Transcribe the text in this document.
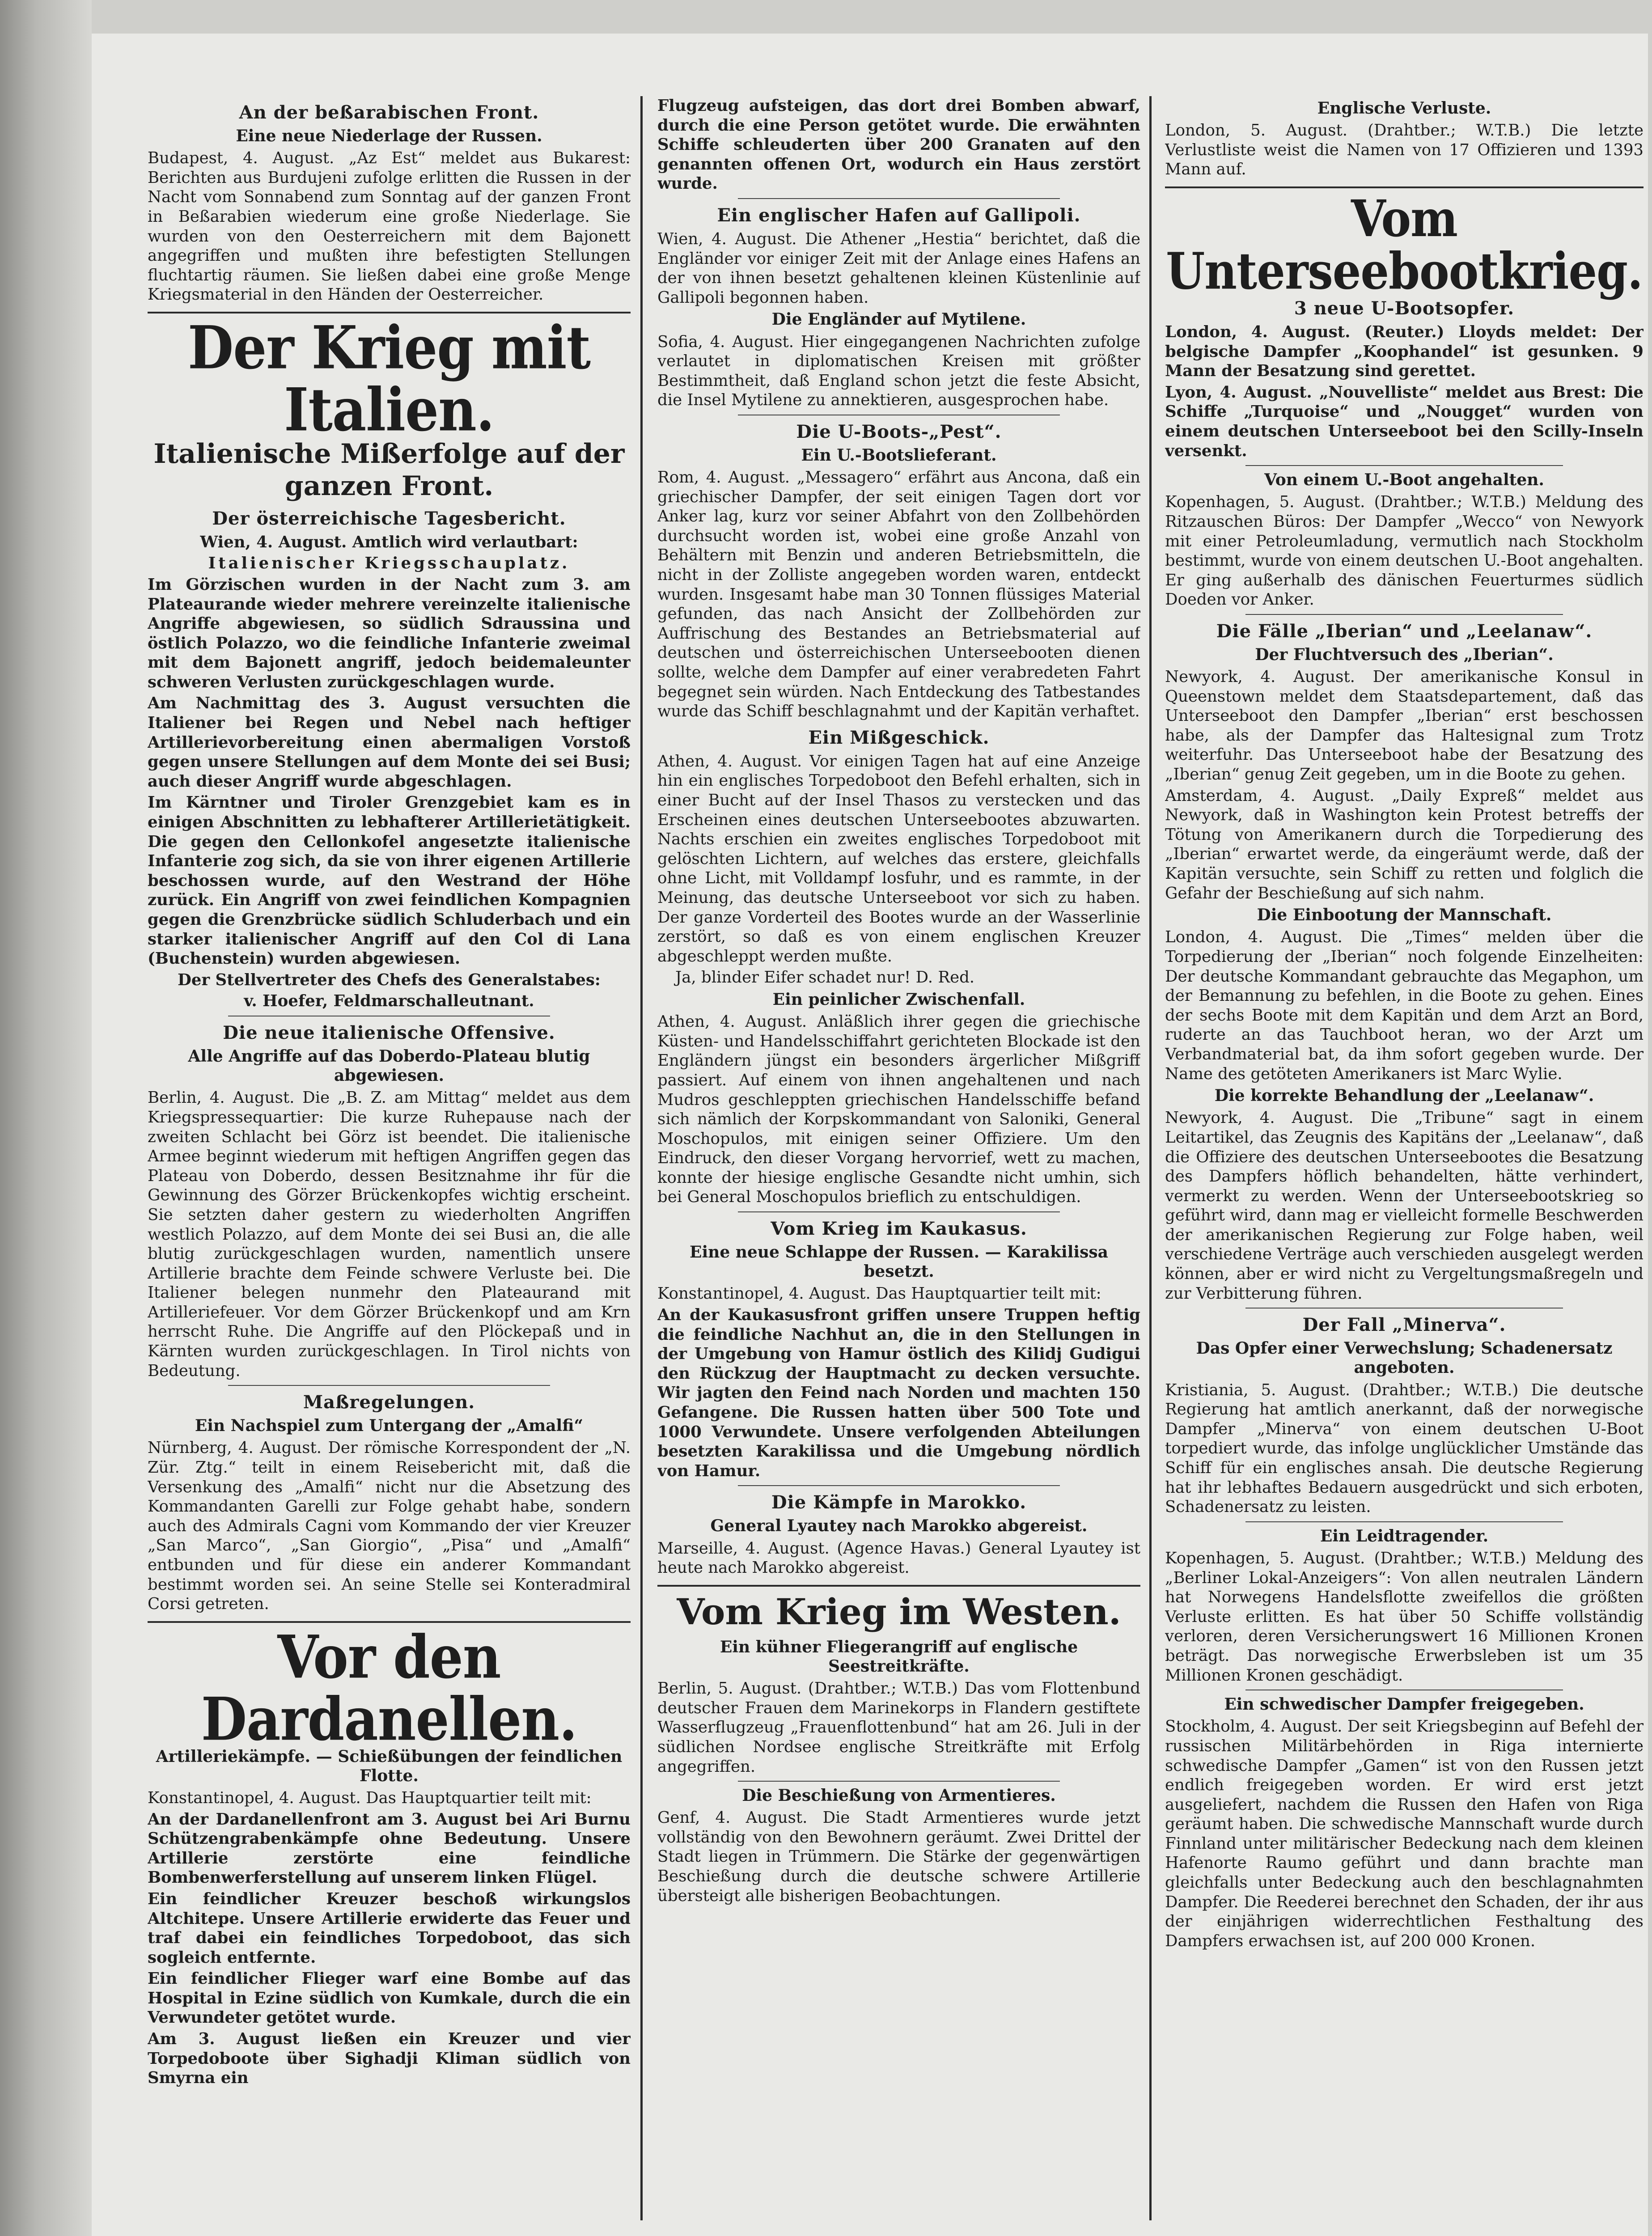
An der beßarabischen Front.
Eine neue Niederlage der Russen.

Budapest, 4. August. „Az Est“ meldet aus Bukarest: Berichten aus Burdujeni zufolge erlitten die Russen in der Nacht vom Sonnabend zum Sonntag auf der ganzen Front in Beßarabien wiederum eine große Niederlage. Sie wurden von den Oesterreichern mit dem Bajonett angegriffen und mußten ihre befestigten Stellungen fluchtartig räumen. Sie ließen dabei eine große Menge Kriegsmaterial in den Händen der Oesterreicher.

Der Krieg mit Italien.
Italienische Mißerfolge auf der ganzen Front.
Der österreichische Tagesbericht.

Wien, 4. August. Amtlich wird verlautbart:

Italienischer Kriegsschauplatz.

Im Görzischen wurden in der Nacht zum 3. am Plateaurande wieder mehrere vereinzelte italienische Angriffe abgewiesen, so südlich Sdraussina und östlich Polazzo, wo die feindliche Infanterie zweimal mit dem Bajonett angriff, jedoch beidemaleunter schweren Verlusten zurückgeschlagen wurde.

Am Nachmittag des 3. August versuchten die Italiener bei Regen und Nebel nach heftiger Artillerievorbereitung einen abermaligen Vorstoß gegen unsere Stellungen auf dem Monte dei sei Busi; auch dieser Angriff wurde abgeschlagen.

Im Kärntner und Tiroler Grenzgebiet kam es in einigen Abschnitten zu lebhafterer Artillerietätigkeit. Die gegen den Cellonkofel angesetzte italienische Infanterie zog sich, da sie von ihrer eigenen Artillerie beschossen wurde, auf den Westrand der Höhe zurück. Ein Angriff von zwei feindlichen Kompagnien gegen die Grenzbrücke südlich Schluderbach und ein starker italienischer Angriff auf den Col di Lana (Buchenstein) wurden abgewiesen.

Der Stellvertreter des Chefs des Generalstabes:

v. Hoefer, Feldmarschalleutnant.

Die neue italienische Offensive.
Alle Angriffe auf das Doberdo-Plateau blutig abgewiesen.

Berlin, 4. August. Die „B. Z. am Mittag“ meldet aus dem Kriegspressequartier: Die kurze Ruhepause nach der zweiten Schlacht bei Görz ist beendet. Die italienische Armee beginnt wiederum mit heftigen Angriffen gegen das Plateau von Doberdo, dessen Besitznahme ihr für die Gewinnung des Görzer Brückenkopfes wichtig erscheint. Sie setzten daher gestern zu wiederholten Angriffen westlich Polazzo, auf dem Monte dei sei Busi an, die alle blutig zurückgeschlagen wurden, namentlich unsere Artillerie brachte dem Feinde schwere Verluste bei. Die Italiener belegen nunmehr den Plateaurand mit Artilleriefeuer. Vor dem Görzer Brückenkopf und am Krn herrscht Ruhe. Die Angriffe auf den Plöckepaß und in Kärnten wurden zurückgeschlagen. In Tirol nichts von Bedeutung.

Maßregelungen.
Ein Nachspiel zum Untergang der „Amalfi“

Nürnberg, 4. August. Der römische Korrespondent der „N. Zür. Ztg.“ teilt in einem Reisebericht mit, daß die Versenkung des „Amalfi“ nicht nur die Absetzung des Kommandanten Garelli zur Folge gehabt habe, sondern auch des Admirals Cagni vom Kommando der vier Kreuzer „San Marco“, „San Giorgio“, „Pisa“ und „Amalfi“ entbunden und für diese ein anderer Kommandant bestimmt worden sei. An seine Stelle sei Konteradmiral Corsi getreten.

Vor den Dardanellen.
Artilleriekämpfe. — Schießübungen der feindlichen Flotte.

Konstantinopel, 4. August. Das Hauptquartier teilt mit:

An der Dardanellenfront am 3. August bei Ari Burnu Schützengrabenkämpfe ohne Bedeutung. Unsere Artillerie zerstörte eine feindliche Bombenwerferstellung auf unserem linken Flügel.

Ein feindlicher Kreuzer beschoß wirkungslos Altchitepe. Unsere Artillerie erwiderte das Feuer und traf dabei ein feindliches Torpedoboot, das sich sogleich entfernte.

Ein feindlicher Flieger warf eine Bombe auf das Hospital in Ezine südlich von Kumkale, durch die ein Verwundeter getötet wurde.

Am 3. August ließen ein Kreuzer und vier Torpedoboote über Sighadji Kliman südlich von Smyrna ein

Flugzeug aufsteigen, das dort drei Bomben abwarf, durch die eine Person getötet wurde. Die erwähnten Schiffe schleuderten über 200 Granaten auf den genannten offenen Ort, wodurch ein Haus zerstört wurde.

Ein englischer Hafen auf Gallipoli.

Wien, 4. August. Die Athener „Hestia“ berichtet, daß die Engländer vor einiger Zeit mit der Anlage eines Hafens an der von ihnen besetzt gehaltenen kleinen Küstenlinie auf Gallipoli begonnen haben.

Die Engländer auf Mytilene.

Sofia, 4. August. Hier eingegangenen Nachrichten zufolge verlautet in diplomatischen Kreisen mit größter Bestimmtheit, daß England schon jetzt die feste Absicht, die Insel Mytilene zu annektieren, ausgesprochen habe.

Die U-Boots-„Pest“.
Ein U.-Bootslieferant.

Rom, 4. August. „Messagero“ erfährt aus Ancona, daß ein griechischer Dampfer, der seit einigen Tagen dort vor Anker lag, kurz vor seiner Abfahrt von den Zollbehörden durchsucht worden ist, wobei eine große Anzahl von Behältern mit Benzin und anderen Betriebsmitteln, die nicht in der Zolliste angegeben worden waren, entdeckt wurden. Insgesamt habe man 30 Tonnen flüssiges Material gefunden, das nach Ansicht der Zollbehörden zur Auffrischung des Bestandes an Betriebsmaterial auf deutschen und österreichischen Unterseebooten dienen sollte, welche dem Dampfer auf einer verabredeten Fahrt begegnet sein würden. Nach Entdeckung des Tatbestandes wurde das Schiff beschlagnahmt und der Kapitän verhaftet.

Ein Mißgeschick.

Athen, 4. August. Vor einigen Tagen hat auf eine Anzeige hin ein englisches Torpedoboot den Befehl erhalten, sich in einer Bucht auf der Insel Thasos zu verstecken und das Erscheinen eines deutschen Unterseebootes abzuwarten. Nachts erschien ein zweites englisches Torpedoboot mit gelöschten Lichtern, auf welches das erstere, gleichfalls ohne Licht, mit Volldampf losfuhr, und es rammte, in der Meinung, das deutsche Unterseeboot vor sich zu haben. Der ganze Vorderteil des Bootes wurde an der Wasserlinie zerstört, so daß es von einem englischen Kreuzer abgeschleppt werden mußte.

Ja, blinder Eifer schadet nur! D. Red.

Ein peinlicher Zwischenfall.

Athen, 4. August. Anläßlich ihrer gegen die griechische Küsten- und Handelsschiffahrt gerichteten Blockade ist den Engländern jüngst ein besonders ärgerlicher Mißgriff passiert. Auf einem von ihnen angehaltenen und nach Mudros geschleppten griechischen Handelsschiffe befand sich nämlich der Korpskommandant von Saloniki, General Moschopulos, mit einigen seiner Offiziere. Um den Eindruck, den dieser Vorgang hervorrief, wett zu machen, konnte der hiesige englische Gesandte nicht umhin, sich bei General Moschopulos brieflich zu entschuldigen.

Vom Krieg im Kaukasus.
Eine neue Schlappe der Russen. — Karakilissa besetzt.

Konstantinopel, 4. August. Das Hauptquartier teilt mit:

An der Kaukasusfront griffen unsere Truppen heftig die feindliche Nachhut an, die in den Stellungen in der Umgebung von Hamur östlich des Kilidj Gudigui den Rückzug der Hauptmacht zu decken versuchte. Wir jagten den Feind nach Norden und machten 150 Gefangene. Die Russen hatten über 500 Tote und 1000 Verwundete. Unsere verfolgenden Abteilungen besetzten Karakilissa und die Umgebung nördlich von Hamur.

Die Kämpfe in Marokko.
General Lyautey nach Marokko abgereist.

Marseille, 4. August. (Agence Havas.) General Lyautey ist heute nach Marokko abgereist.

Vom Krieg im Westen.
Ein kühner Fliegerangriff auf englische Seestreitkräfte.

Berlin, 5. August. (Drahtber.; W.T.B.) Das vom Flottenbund deutscher Frauen dem Marinekorps in Flandern gestiftete Wasserflugzeug „Frauenflottenbund“ hat am 26. Juli in der südlichen Nordsee englische Streitkräfte mit Erfolg angegriffen.

Die Beschießung von Armentieres.

Genf, 4. August. Die Stadt Armentieres wurde jetzt vollständig von den Bewohnern geräumt. Zwei Drittel der Stadt liegen in Trümmern. Die Stärke der gegenwärtigen Beschießung durch die deutsche schwere Artillerie übersteigt alle bisherigen Beobachtungen.

Englische Verluste.

London, 5. August. (Drahtber.; W.T.B.) Die letzte Verlustliste weist die Namen von 17 Offizieren und 1393 Mann auf.

Vom Unterseebootkrieg.
3 neue U-Bootsopfer.

London, 4. August. (Reuter.) Lloyds meldet: Der belgische Dampfer „Koophandel“ ist gesunken. 9 Mann der Besatzung sind gerettet.

Lyon, 4. August. „Nouvelliste“ meldet aus Brest: Die Schiffe „Turquoise“ und „Nougget“ wurden von einem deutschen Unterseeboot bei den Scilly-Inseln versenkt.

Von einem U.-Boot angehalten.

Kopenhagen, 5. August. (Drahtber.; W.T.B.) Meldung des Ritzauschen Büros: Der Dampfer „Wecco“ von Newyork mit einer Petroleumladung, vermutlich nach Stockholm bestimmt, wurde von einem deutschen U.-Boot angehalten. Er ging außerhalb des dänischen Feuerturmes südlich Doeden vor Anker.

Die Fälle „Iberian“ und „Leelanaw“.
Der Fluchtversuch des „Iberian“.

Newyork, 4. August. Der amerikanische Konsul in Queenstown meldet dem Staatsdepartement, daß das Unterseeboot den Dampfer „Iberian“ erst beschossen habe, als der Dampfer das Haltesignal zum Trotz weiterfuhr. Das Unterseeboot habe der Besatzung des „Iberian“ genug Zeit gegeben, um in die Boote zu gehen.

Amsterdam, 4. August. „Daily Expreß“ meldet aus Newyork, daß in Washington kein Protest betreffs der Tötung von Amerikanern durch die Torpedierung des „Iberian“ erwartet werde, da eingeräumt werde, daß der Kapitän versuchte, sein Schiff zu retten und folglich die Gefahr der Beschießung auf sich nahm.

Die Einbootung der Mannschaft.

London, 4. August. Die „Times“ melden über die Torpedierung der „Iberian“ noch folgende Einzelheiten: Der deutsche Kommandant gebrauchte das Megaphon, um der Bemannung zu befehlen, in die Boote zu gehen. Eines der sechs Boote mit dem Kapitän und dem Arzt an Bord, ruderte an das Tauchboot heran, wo der Arzt um Verbandmaterial bat, da ihm sofort gegeben wurde. Der Name des getöteten Amerikaners ist Marc Wylie.

Die korrekte Behandlung der „Leelanaw“.

Newyork, 4. August. Die „Tribune“ sagt in einem Leitartikel, das Zeugnis des Kapitäns der „Leelanaw“, daß die Offiziere des deutschen Unterseebootes die Besatzung des Dampfers höflich behandelten, hätte verhindert, vermerkt zu werden. Wenn der Unterseebootskrieg so geführt wird, dann mag er vielleicht formelle Beschwerden der amerikanischen Regierung zur Folge haben, weil verschiedene Verträge auch verschieden ausgelegt werden können, aber er wird nicht zu Vergeltungsmaßregeln und zur Verbitterung führen.

Der Fall „Minerva“.
Das Opfer einer Verwechslung; Schadenersatz angeboten.

Kristiania, 5. August. (Drahtber.; W.T.B.) Die deutsche Regierung hat amtlich anerkannt, daß der norwegische Dampfer „Minerva“ von einem deutschen U-Boot torpediert wurde, das infolge unglücklicher Umstände das Schiff für ein englisches ansah. Die deutsche Regierung hat ihr lebhaftes Bedauern ausgedrückt und sich erboten, Schadenersatz zu leisten.

Ein Leidtragender.

Kopenhagen, 5. August. (Drahtber.; W.T.B.) Meldung des „Berliner Lokal-Anzeigers“: Von allen neutralen Ländern hat Norwegens Handelsflotte zweifellos die größten Verluste erlitten. Es hat über 50 Schiffe vollständig verloren, deren Versicherungswert 16 Millionen Kronen beträgt. Das norwegische Erwerbsleben ist um 35 Millionen Kronen geschädigt.

Ein schwedischer Dampfer freigegeben.

Stockholm, 4. August. Der seit Kriegsbeginn auf Befehl der russischen Militärbehörden in Riga internierte schwedische Dampfer „Gamen“ ist von den Russen jetzt endlich freigegeben worden. Er wird erst jetzt ausgeliefert, nachdem die Russen den Hafen von Riga geräumt haben. Die schwedische Mannschaft wurde durch Finnland unter militärischer Bedeckung nach dem kleinen Hafenorte Raumo geführt und dann brachte man gleichfalls unter Bedeckung auch den beschlagnahmten Dampfer. Die Reederei berechnet den Schaden, der ihr aus der einjährigen widerrechtlichen Festhaltung des Dampfers erwachsen ist, auf 200 000 Kronen.
